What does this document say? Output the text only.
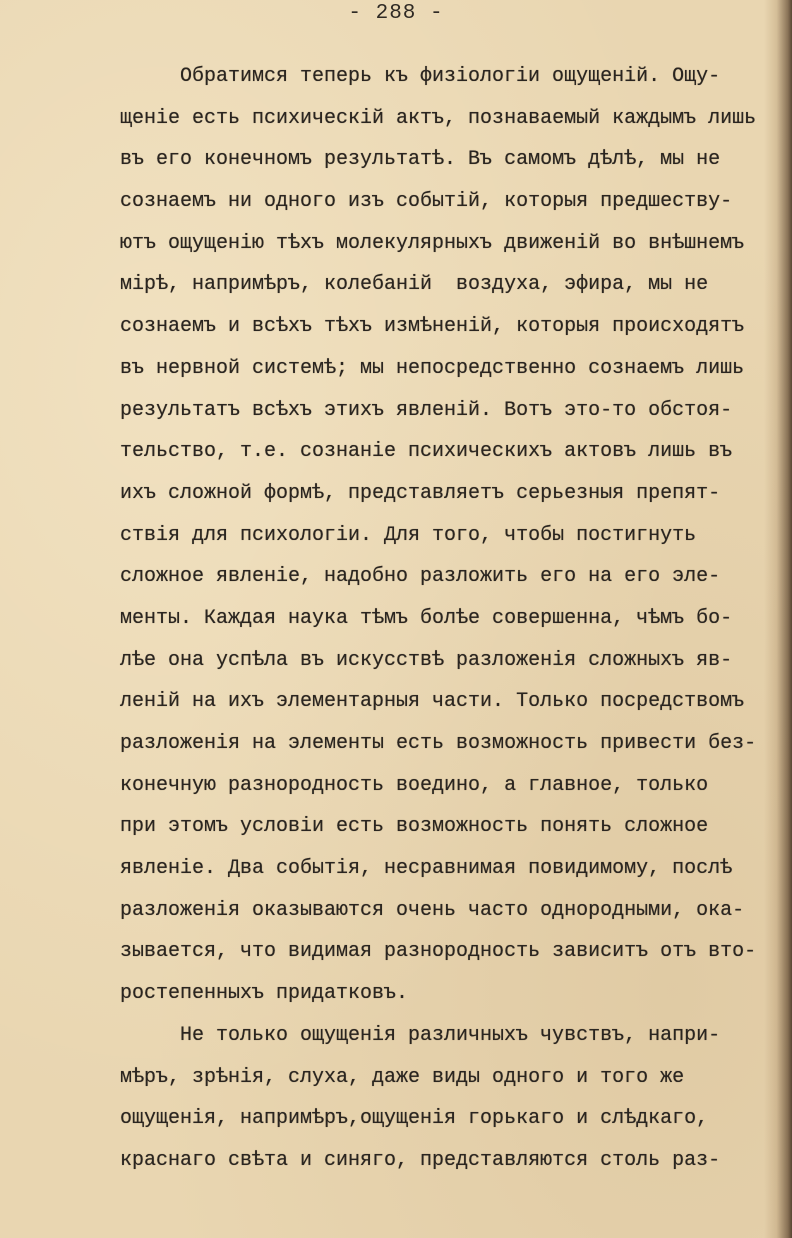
- 288 -
Обратимся теперь къ физiологiи ощущенiй. Ощу-
щенiе есть психическiй актъ, познаваемый каждымъ лишь
въ его конечномъ результатѣ. Въ самомъ дѣлѣ, мы не
сознаемъ ни одного изъ событiй, которыя предшеству-
ютъ ощущенiю тѣхъ молекулярныхъ движенiй во внѣшнемъ
мiрѣ, напримѣръ, колебанiй  воздуха, эфира, мы не
сознаемъ и всѣхъ тѣхъ измѣненiй, которыя происходятъ
въ нервной системѣ; мы непосредственно сознаемъ лишь
результатъ всѣхъ этихъ явленiй. Вотъ это-то обстоя-
тельство, т.е. сознанiе психическихъ актовъ лишь въ
ихъ сложной формѣ, представляетъ серьезныя препят-
ствiя для психологiи. Для того, чтобы постигнуть
сложное явленiе, надобно разложить его на его эле-
менты. Каждая наука тѣмъ болѣе совершенна, чѣмъ бо-
лѣе она успѣла въ искусствѣ разложенiя сложныхъ яв-
ленiй на ихъ элементарныя части. Только посредствомъ
разложенiя на элементы есть возможность привести без-
конечную разнородность воедино, а главное, только
при этомъ условiи есть возможность понять сложное
явленiе. Два событiя, несравнимая повидимому, послѣ
разложенiя оказываются очень часто однородными, ока-
зывается, что видимая разнородность зависитъ отъ вто-
ростепенныхъ придатковъ.
Не только ощущенiя различныхъ чувствъ, напри-
мѣръ, зрѣнiя, слуха, даже виды одного и того же
ощущенiя, напримѣръ,ощущенiя горькаго и слѣдкаго,
краснаго свѣта и синяго, представляются столь раз-
